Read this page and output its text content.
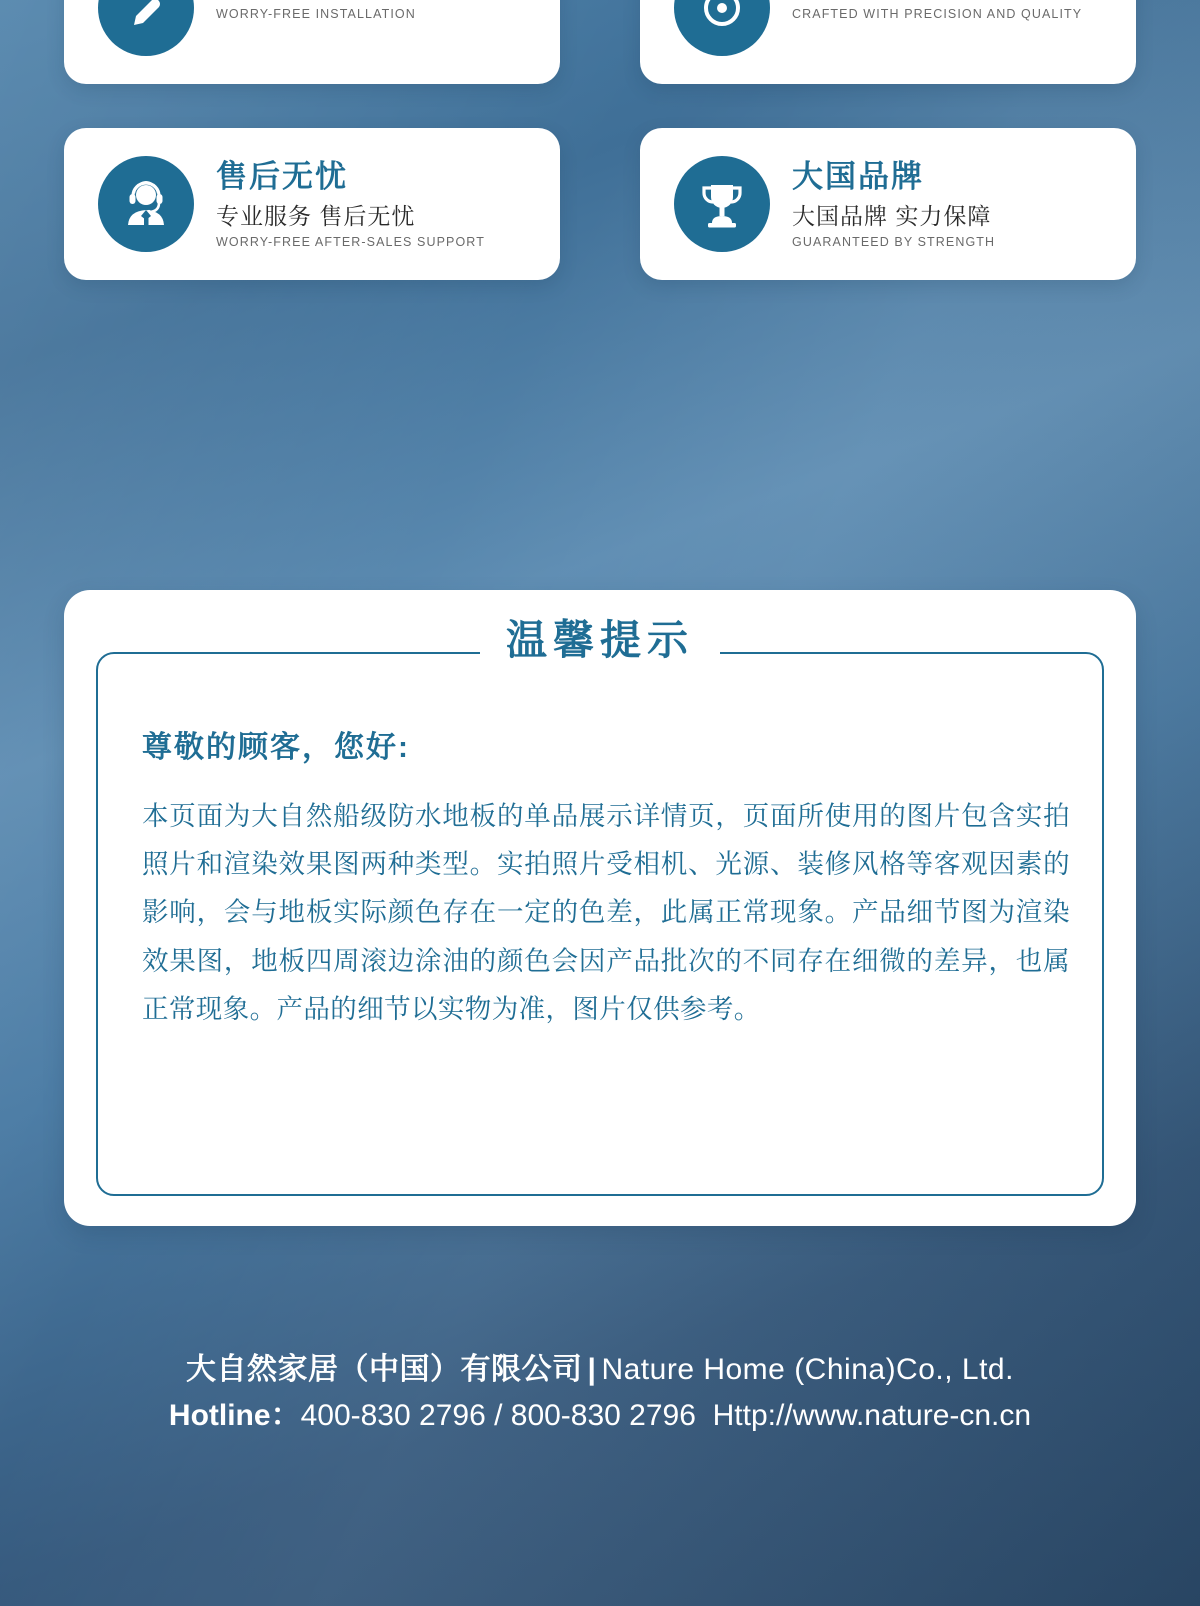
WORRY-FREE INSTALLATION	CRAFTED WITH PRECISION AND QUALITY
售后无忧
专业服务 售后无忧
WORRY-FREE AFTER-SALES SUPPORT
大国品牌
大国品牌 实力保障
GUARANTEED BY STRENGTH
温馨提示
尊敬的顾客，您好:
本页面为大自然船级防水地板的单品展示详情页，页面所使用的图片包含实拍照片和渲染效果图两种类型。实拍照片受相机、光源、装修风格等客观因素的影响，会与地板实际颜色存在一定的色差，此属正常现象。产品细节图为渲染效果图，地板四周滚边涂油的颜色会因产品批次的不同存在细微的差异，也属正常现象。产品的细节以实物为准，图片仅供参考。
大自然家居（中国）有限公司 | Nature Home (China)Co., Ltd.
Hotline：400-830 2796 / 800-830 2796 Http://www.nature-cn.cn
